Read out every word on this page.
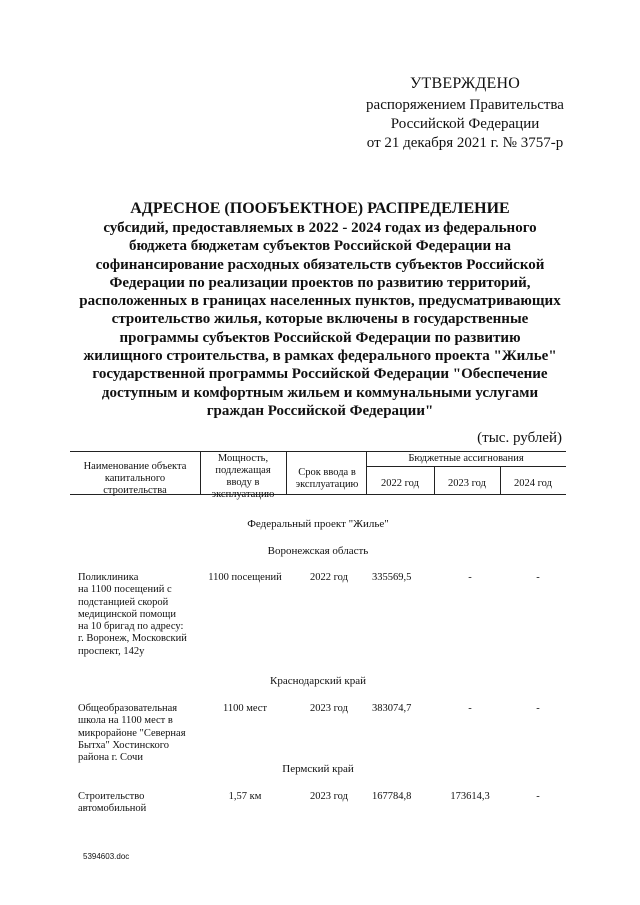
УТВЕРЖДЕНО
распоряжением Правительства
Российской Федерации
от 21 декабря 2021 г. № 3757-р
АДРЕСНОЕ (ПООБЪЕКТНОЕ) РАСПРЕДЕЛЕНИЕ
субсидий, предоставляемых в 2022 - 2024 годах из федерального
бюджета бюджетам субъектов Российской Федерации на
софинансирование расходных обязательств субъектов Российской
Федерации по реализации проектов по развитию территорий,
расположенных в границах населенных пунктов, предусматривающих
строительство жилья, которые включены в государственные
программы субъектов Российской Федерации по развитию
жилищного строительства, в рамках федерального проекта "Жилье"
государственной программы Российской Федерации "Обеспечение
доступным и комфортным жильем и коммунальными услугами
граждан Российской Федерации"
(тыс. рублей)
Наименование объекта капитального строительства
Мощность, подлежащая вводу в эксплуатацию
Срок ввода в эксплуатацию
Бюджетные ассигнования
2022 год	2023 год	2024 год
Федеральный проект "Жилье"
Воронежская область
Поликлиника
на 1100 посещений с
подстанцией скорой
медицинской помощи
на 10 бригад по адресу:
г. Воронеж, Московский
проспект, 142у
1100 посещений	2022 год	335569,5	-	-
Краснодарский край
Общеобразовательная
школа на 1100 мест в
микрорайоне "Северная
Бытха" Хостинского
района г. Сочи
1100 мест	2023 год	383074,7	-	-
Пермский край
Строительство
автомобильной
1,57 км	2023 год	167784,8	173614,3	-
5394603.doc
